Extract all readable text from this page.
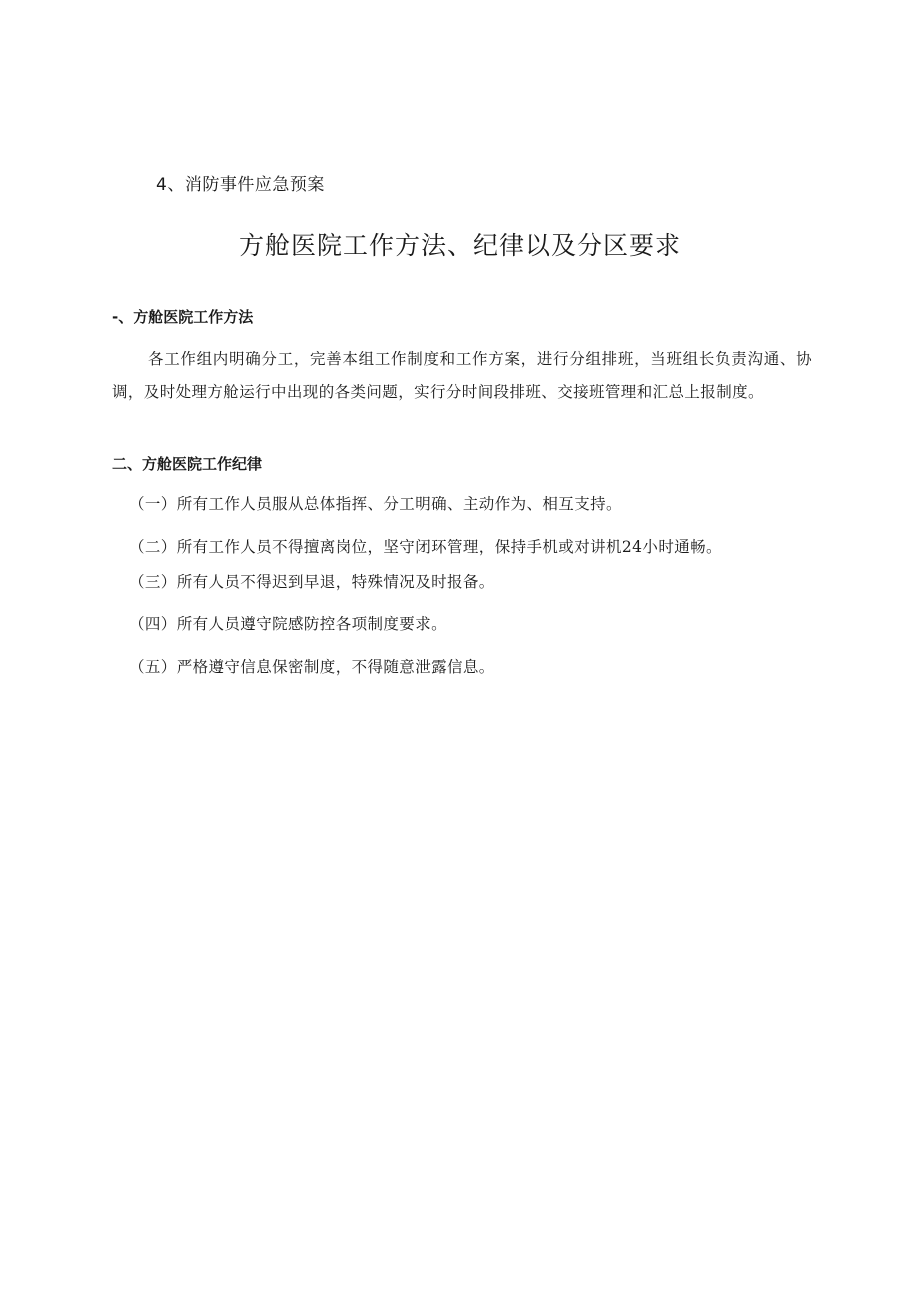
4、消防事件应急预案
方舱医院工作方法、纪律以及分区要求
-、方舱医院工作方法
各工作组内明确分工，完善本组工作制度和工作方案，进行分组排班，当班组长负责沟通、协调，及时处理方舱运行中出现的各类问题，实行分时间段排班、交接班管理和汇总上报制度。
二、方舱医院工作纪律
（一）所有工作人员服从总体指挥、分工明确、主动作为、相互支持。
（二）所有工作人员不得擅离岗位，坚守闭环管理，保持手机或对讲机24小时通畅。
（三）所有人员不得迟到早退，特殊情况及时报备。
（四）所有人员遵守院感防控各项制度要求。
（五）严格遵守信息保密制度，不得随意泄露信息。
